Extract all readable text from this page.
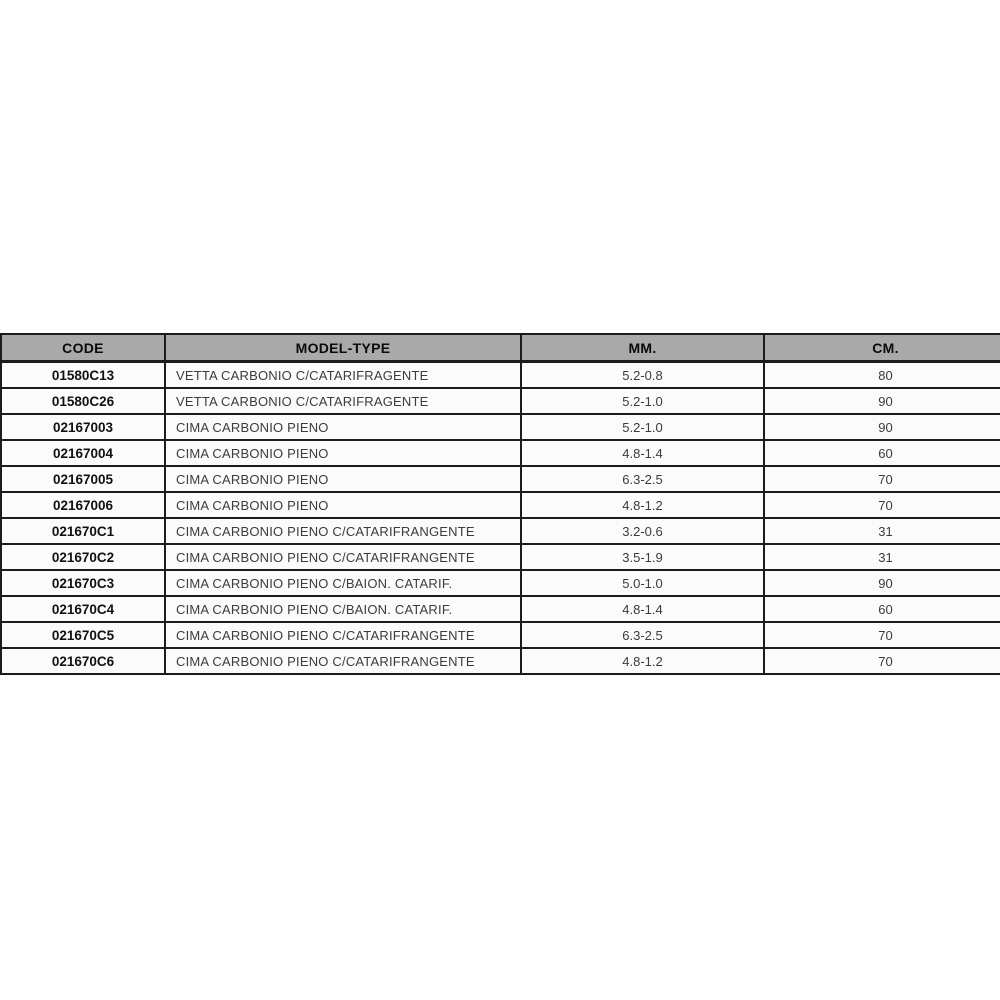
CODE	MODEL-TYPE	MM.	CM.
01580C13	VETTA CARBONIO C/CATARIFRAGENTE	5.2-0.8	80
01580C26	VETTA CARBONIO C/CATARIFRAGENTE	5.2-1.0	90
02167003	CIMA CARBONIO PIENO	5.2-1.0	90
02167004	CIMA CARBONIO PIENO	4.8-1.4	60
02167005	CIMA CARBONIO PIENO	6.3-2.5	70
02167006	CIMA CARBONIO PIENO	4.8-1.2	70
021670C1	CIMA CARBONIO PIENO C/CATARIFRANGENTE	3.2-0.6	31
021670C2	CIMA CARBONIO PIENO C/CATARIFRANGENTE	3.5-1.9	31
021670C3	CIMA CARBONIO PIENO C/BAION. CATARIF.	5.0-1.0	90
021670C4	CIMA CARBONIO PIENO C/BAION. CATARIF.	4.8-1.4	60
021670C5	CIMA CARBONIO PIENO C/CATARIFRANGENTE	6.3-2.5	70
021670C6	CIMA CARBONIO PIENO C/CATARIFRANGENTE	4.8-1.2	70
